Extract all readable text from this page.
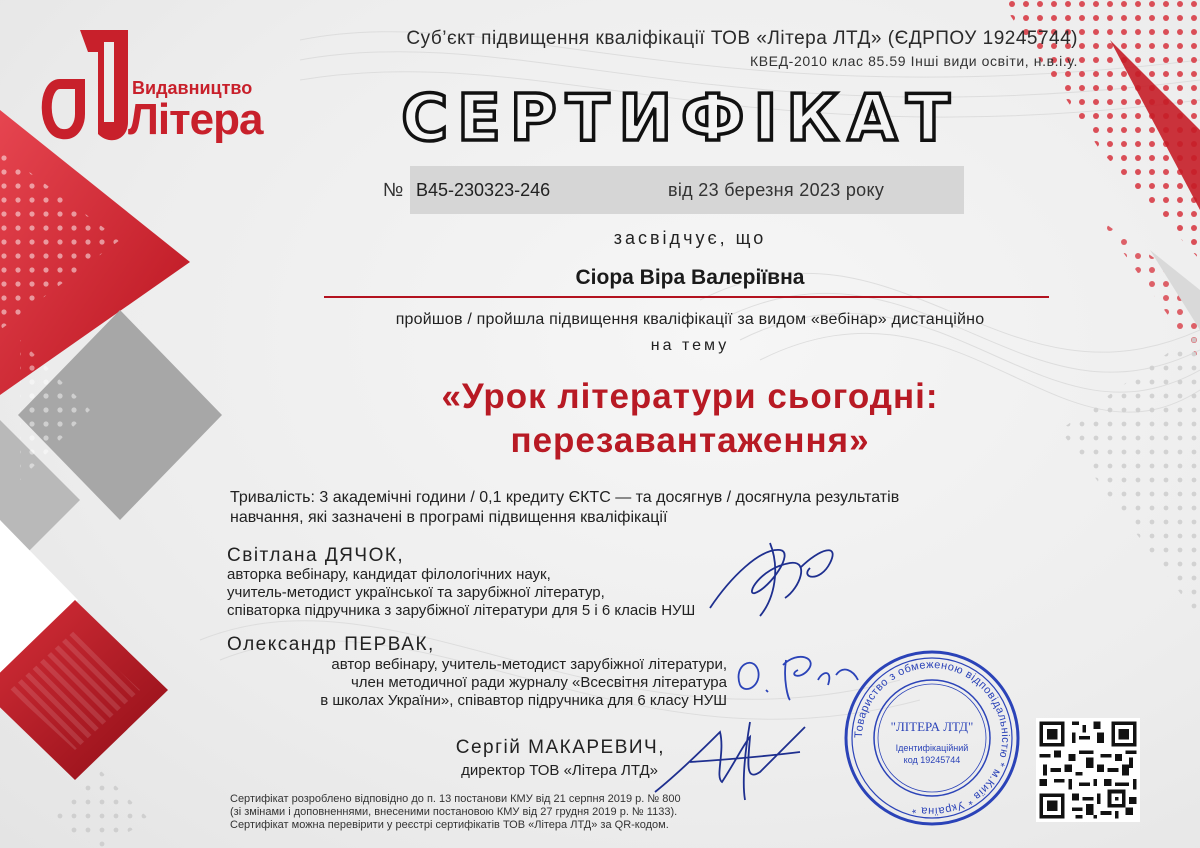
Видавництво
Літера
Суб’єкт підвищення кваліфікації ТОВ «Літера ЛТД» (ЄДРПОУ 19245744)
КВЕД-2010 клас 85.59 Інші види освіти, н.в.і.у.
СЕРТИФІКАТ
№ B45-230323-246	від 23 березня 2023 року
засвідчує, що
Сіора Віра Валеріївна
пройшов / пройшла підвищення кваліфікації за видом «вебінар» дистанційно
на тему
«Урок літератури сьогодні:
перезавантаження»
Тривалість: 3 академічні години / 0,1 кредиту ЄКТС — та досягнув / досягнула результатів
навчання, які зазначені в програмі підвищення кваліфікації
Світлана ДЯЧОК,
авторка вебінару, кандидат філологічних наук,
учитель-методист української та зарубіжної літератур,
співаторка підручника з зарубіжної літератури для 5 і 6 класів НУШ
Олександр ПЕРВАК,
автор вебінару, учитель-методист зарубіжної літератури,
член методичної ради журналу «Всесвітня література
в школах України», співавтор підручника для 6 класу НУШ
Сергій МАКАРЕВИЧ,
директор ТОВ «Літера ЛТД»
Товариство з обмеженою відповідальністю * м.Київ * Україна *
"ЛІТЕРА ЛТД"
Ідентифікаційний
код 19245744
Сертифікат розроблено відповідно до п. 13 постанови КМУ від 21 серпня 2019 р. № 800
(зі змінами і доповненнями, внесеними постановою КМУ від 27 грудня 2019 р. № 1133).
Сертифікат можна перевірити у реєстрі сертифікатів ТОВ «Літера ЛТД» за QR-кодом.
